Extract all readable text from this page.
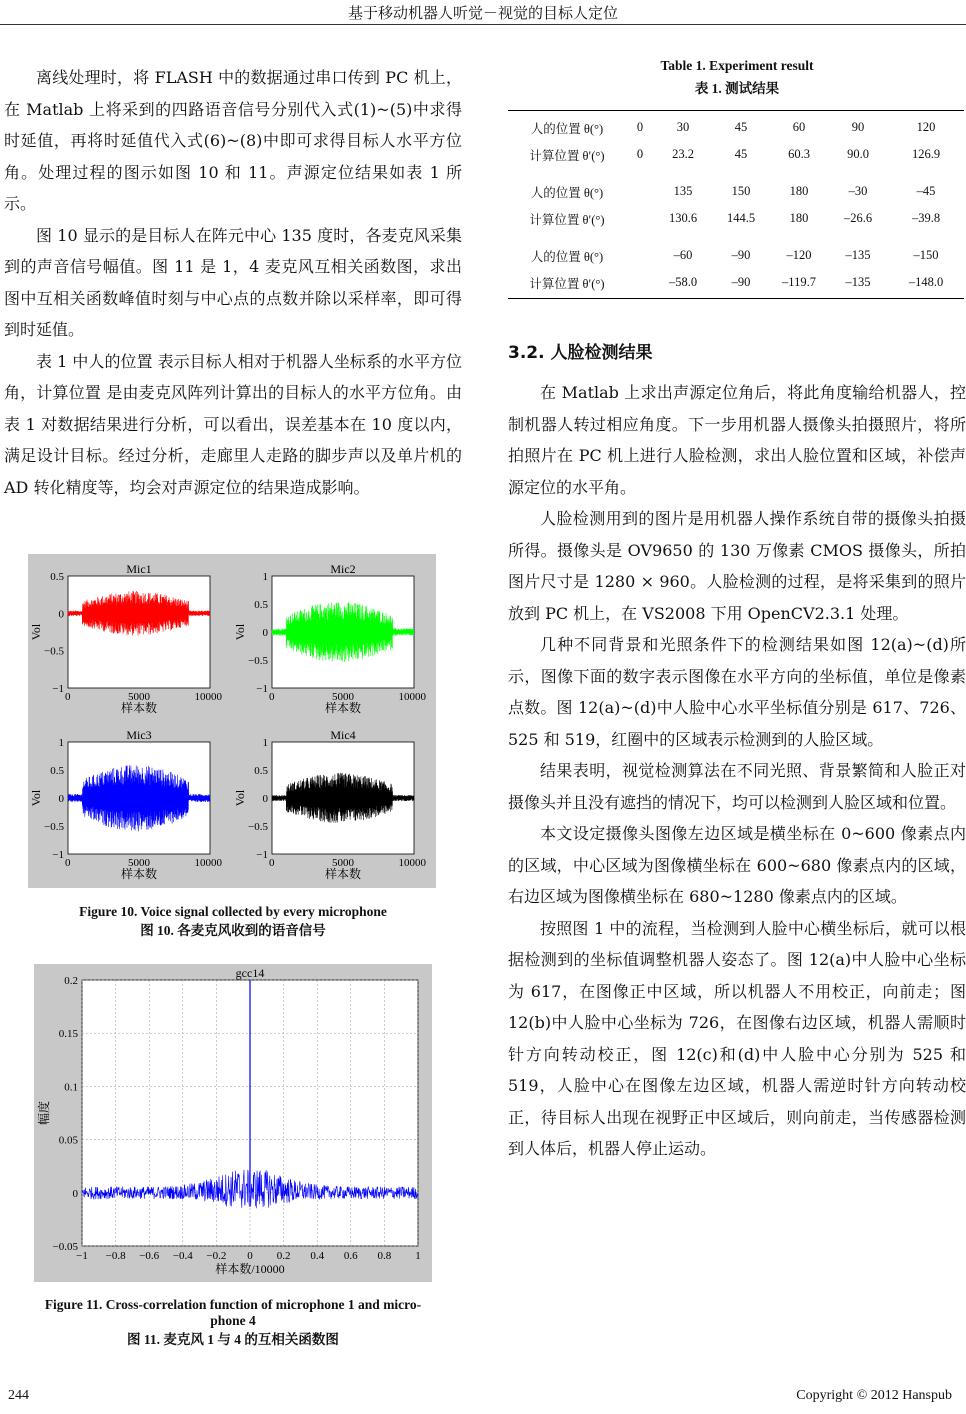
基于移动机器人听觉－视觉的目标人定位

离线处理时，将 FLASH 中的数据通过串口传到 PC 机上，在 Matlab 上将采到的四路语音信号分别代入式(1)~(5)中求得时延值，再将时延值代入式(6)~(8)中即可求得目标人水平方位角。处理过程的图示如图 10 和 11。声源定位结果如表 1 所示。

图 10 显示的是目标人在阵元中心 135 度时，各麦克风采集到的声音信号幅值。图 11 是 1，4 麦克风互相关函数图，求出图中互相关函数峰值时刻与中心点的点数并除以采样率，即可得到时延值。

表 1 中人的位置 表示目标人相对于机器人坐标系的水平方位角，计算位置 是由麦克风阵列计算出的目标人的水平方位角。由表 1 对数据结果进行分析，可以看出，误差基本在 10 度以内，满足设计目标。经过分析，走廊里人走路的脚步声以及单片机的 AD 转化精度等，均会对声源定位的结果造成影响。

0.5
0
−0.5
−1
0	5000	10000
Mic1
样本数
Vol
1
0.5
0
−0.5
−1
0	5000	10000
Mic2
样本数
Vol
1
0.5
0
−0.5
−1
0	5000	10000
Mic3
样本数
Vol
1
0.5
0
−0.5
−1
0	5000	10000
Mic4
样本数
Vol
Figure 10. Voice signal collected by every microphone
图 10. 各麦克风收到的语音信号
−1 −0.8 −0.6 −0.4 −0.2 0 0.2 0.4 0.6 0.8 1
0.2
0.15
0.1
0.05
0
−0.05
gcc14
样本数/10000
幅度
Figure 11. Cross-correlation function of microphone 1 and micro-
phone 4
图 11. 麦克风 1 与 4 的互相关函数图
Table 1. Experiment result
表 1. 测试结果
人的位置 θ(°)	0	30	45	60	90	120
计算位置 θ′(°)	0	23.2	45	60.3	90.0	126.9
人的位置 θ(°)		135	150	180	–30	–45
计算位置 θ′(°)		130.6	144.5	180	–26.6	–39.8
人的位置 θ(°)		–60	–90	–120	–135	–150
计算位置 θ′(°)		–58.0	–90	–119.7	–135	–148.0

3.2. 人脸检测结果

在 Matlab 上求出声源定位角后，将此角度输给机器人，控制机器人转过相应角度。下一步用机器人摄像头拍摄照片，将所拍照片在 PC 机上进行人脸检测，求出人脸位置和区域，补偿声源定位的水平角。

人脸检测用到的图片是用机器人操作系统自带的摄像头拍摄所得。摄像头是 OV9650 的 130 万像素 CMOS 摄像头，所拍图片尺寸是 1280 × 960。人脸检测的过程，是将采集到的照片放到 PC 机上，在 VS2008 下用 OpenCV2.3.1 处理。

几种不同背景和光照条件下的检测结果如图 12(a)~(d)所示，图像下面的数字表示图像在水平方向的坐标值，单位是像素点数。图 12(a)~(d)中人脸中心水平坐标值分别是 617、726、525 和 519，红圈中的区域表示检测到的人脸区域。

结果表明，视觉检测算法在不同光照、背景繁简和人脸正对摄像头并且没有遮挡的情况下，均可以检测到人脸区域和位置。

本文设定摄像头图像左边区域是横坐标在 0~600 像素点内的区域，中心区域为图像横坐标在 600~680 像素点内的区域，右边区域为图像横坐标在 680~1280 像素点内的区域。

按照图 1 中的流程，当检测到人脸中心横坐标后，就可以根据检测到的坐标值调整机器人姿态了。图 12(a)中人脸中心坐标为 617，在图像正中区域，所以机器人不用校正，向前走；图 12(b)中人脸中心坐标为 726，在图像右边区域，机器人需顺时针方向转动校正，图 12(c)和(d)中人脸中心分别为 525 和 519，人脸中心在图像左边区域，机器人需逆时针方向转动校正，待目标人出现在视野正中区域后，则向前走，当传感器检测到人体后，机器人停止运动。

244	Copyright © 2012 Hanspub
